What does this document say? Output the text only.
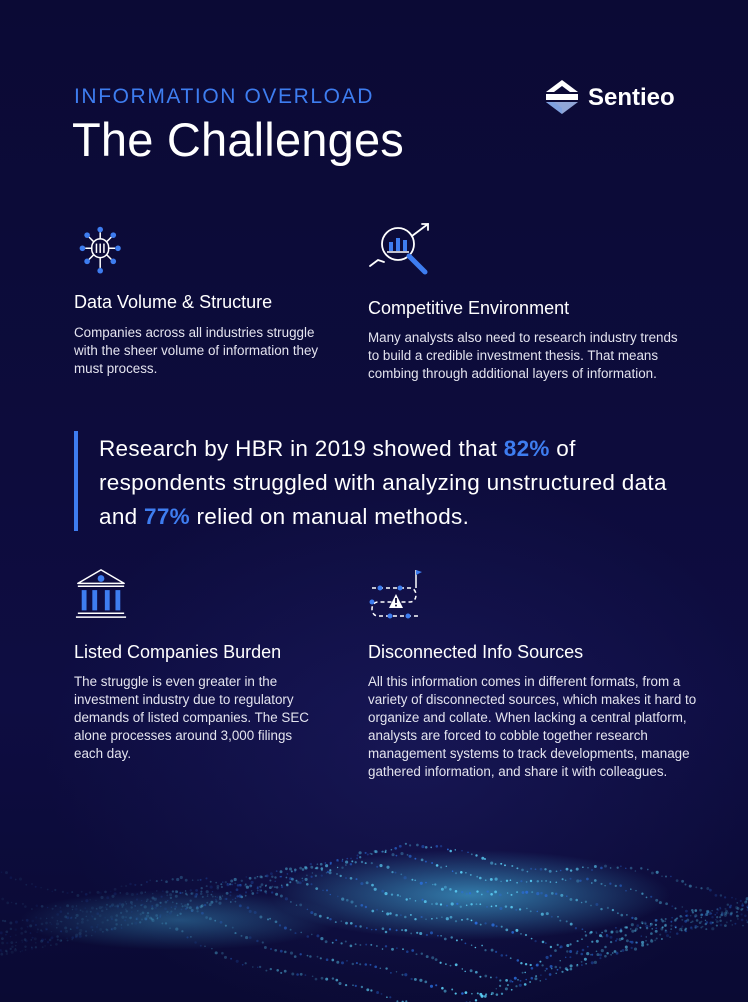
INFORMATION OVERLOAD
The Challenges
Sentieo
Data Volume & Structure
Companies across all industries struggle with the sheer volume of information they must process.
Competitive Environment
Many analysts also need to research industry trends to build a credible investment thesis. That means combing through additional layers of information.
Research by HBR in 2019 showed that 82% of respondents struggled with analyzing unstructured data and 77% relied on manual methods.
Listed Companies Burden
The struggle is even greater in the investment industry due to regulatory demands of listed companies. The SEC alone processes around 3,000 filings each day.
Disconnected Info Sources
All this information comes in different formats, from a variety of disconnected sources, which makes it hard to organize and collate. When lacking a central platform, analysts are forced to cobble together research management systems to track developments, manage gathered information, and share it with colleagues.
